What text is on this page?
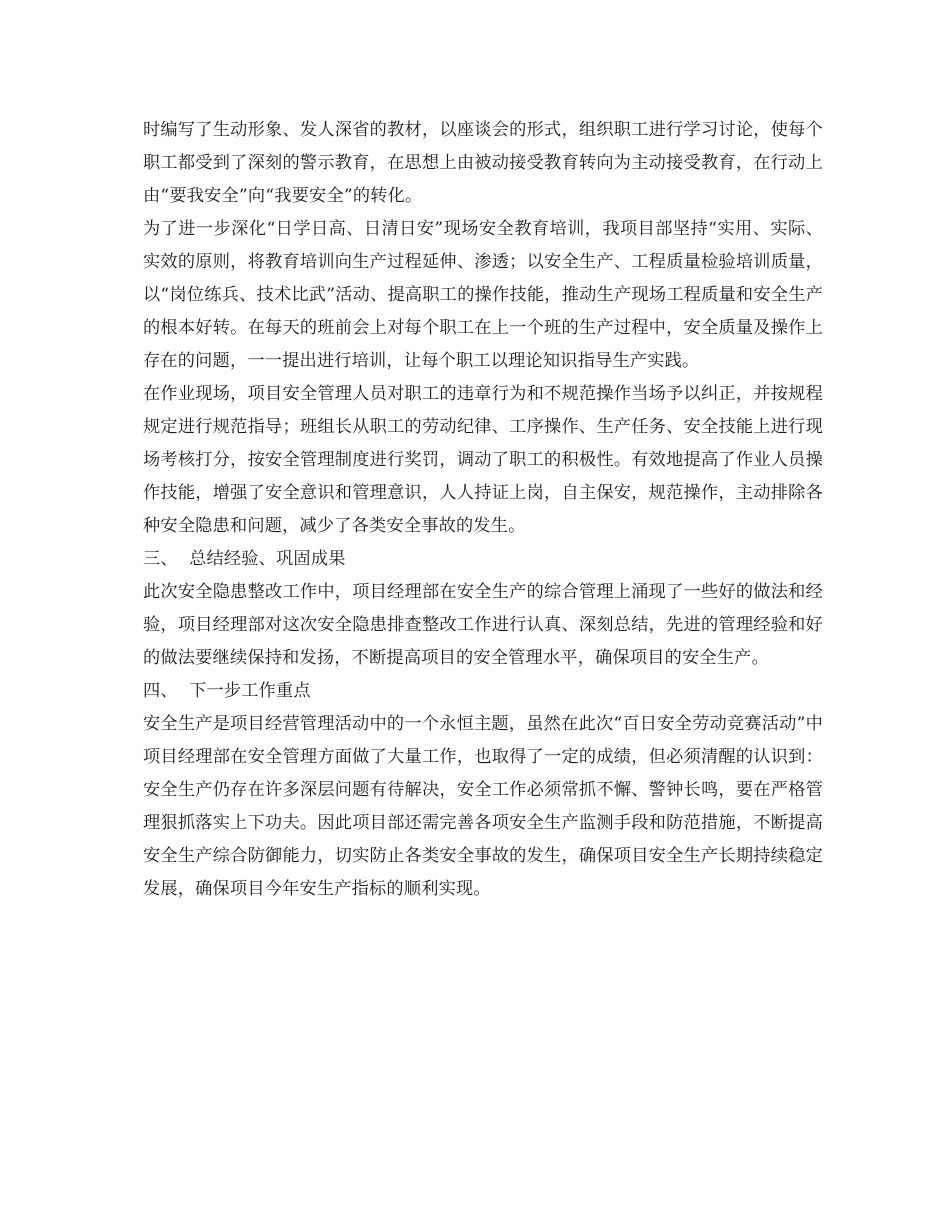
时编写了生动形象、发人深省的教材，以座谈会的形式，组织职工进行学习讨论，使每个职工都受到了深刻的警示教育，在思想上由被动接受教育转向为主动接受教育，在行动上由“要我安全”向“我要安全”的转化。

为了进一步深化“日学日高、日清日安”现场安全教育培训，我项目部坚持“实用、实际、实效的原则，将教育培训向生产过程延伸、渗透；以安全生产、工程质量检验培训质量，以“岗位练兵、技术比武”活动、提高职工的操作技能，推动生产现场工程质量和安全生产的根本好转。在每天的班前会上对每个职工在上一个班的生产过程中，安全质量及操作上存在的问题，一一提出进行培训，让每个职工以理论知识指导生产实践。

在作业现场，项目安全管理人员对职工的违章行为和不规范操作当场予以纠正，并按规程规定进行规范指导；班组长从职工的劳动纪律、工序操作、生产任务、安全技能上进行现场考核打分，按安全管理制度进行奖罚，调动了职工的积极性。有效地提高了作业人员操作技能，增强了安全意识和管理意识，人人持证上岗，自主保安，规范操作，主动排除各种安全隐患和问题，减少了各类安全事故的发生。

三、  总结经验、巩固成果

此次安全隐患整改工作中，项目经理部在安全生产的综合管理上涌现了一些好的做法和经验，项目经理部对这次安全隐患排查整改工作进行认真、深刻总结，先进的管理经验和好的做法要继续保持和发扬，不断提高项目的安全管理水平，确保项目的安全生产。

四、  下一步工作重点

安全生产是项目经营管理活动中的一个永恒主题，虽然在此次“百日安全劳动竞赛活动”中项目经理部在安全管理方面做了大量工作，也取得了一定的成绩，但必须清醒的认识到：安全生产仍存在许多深层问题有待解决，安全工作必须常抓不懈、警钟长鸣，要在严格管理狠抓落实上下功夫。因此项目部还需完善各项安全生产监测手段和防范措施，不断提高安全生产综合防御能力，切实防止各类安全事故的发生，确保项目安全生产长期持续稳定发展，确保项目今年安生产指标的顺利实现。
